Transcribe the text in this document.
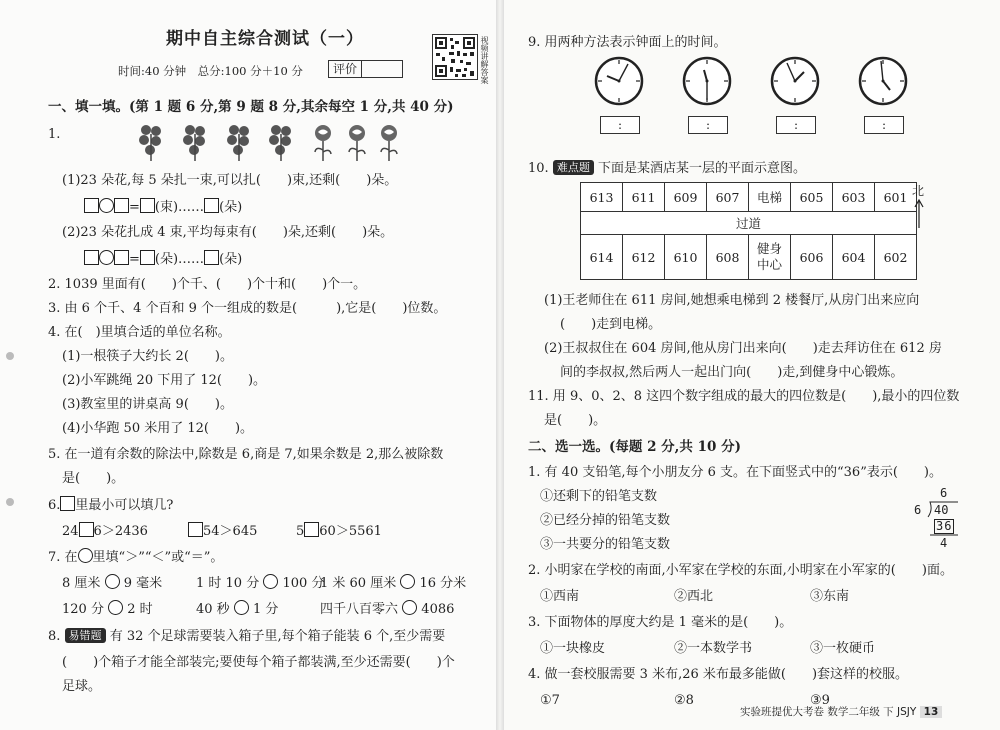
期中自主综合测试（一）
时间:40 分钟　总分:100 分＋10 分	评价	视频讲解答案
一、填一填。(第 1 题 6 分,第 9 题 8 分,其余每空 1 分,共 40 分)
1.
(1)23 朵花,每 5 朵扎一束,可以扎(　　)束,还剩(　　)朵。
= (束)…… (朵)
(2)23 朵花扎成 4 束,平均每束有(　　)朵,还剩(　　)朵。
= (朵)…… (朵)
2. 1039 里面有(　　)个千、(　　)个十和(　　)个一。
3. 由 6 个千、4 个百和 9 个一组成的数是(　　　),它是(　　)位数。
4. 在(　)里填合适的单位名称。
(1)一根筷子大约长 2(　　)。
(2)小军跳绳 20 下用了 12(　　)。
(3)教室里的讲桌高 9(　　)。
(4)小华跑 50 米用了 12(　　)。
5. 在一道有余数的除法中,除数是 6,商是 7,如果余数是 2,那么被除数
是(　　)。
6. 里最小可以填几?
24 6＞2436	54＞645	5 60＞5561
7. 在 里填“＞”“＜”或“＝”。
8 厘米 9 毫米	1 时 10 分 100 分
1 米 60 厘米 16 分米
120 分 2 时	40 秒 1 分	四千八百零六 4086
8. 易错题 有 32 个足球需要装入箱子里,每个箱子能装 6 个,至少需要
(　　)个箱子才能全部装完;要使每个箱子都装满,至少还需要(　　)个
足球。
9. 用两种方法表示钟面上的时间。
:	:	:	:
10. 难点题 下面是某酒店某一层的平面示意图。
613	611	609	607	电梯	605	603	601
过道							
614	612	610	608	健身中心	606	604	602
北
(1)王老师住在 611 房间,她想乘电梯到 2 楼餐厅,从房门出来应向
(　　)走到电梯。
(2)王叔叔住在 604 房间,他从房门出来向(　　)走去拜访住在 612 房
间的李叔叔,然后两人一起出门向(　　)走,到健身中心锻炼。
11. 用 9、0、2、8 这四个数字组成的最大的四位数是(　　),最小的四位数
是(　　)。
二、选一选。(每题 2 分,共 10 分)
1. 有 40 支铅笔,每个小朋友分 6 支。在下面竖式中的“36”表示(　　)。
①还剩下的铅笔支数
②已经分掉的铅笔支数
③一共要分的铅笔支数
6
6 40
36
4
2. 小明家在学校的南面,小军家在学校的东面,小明家在小军家的(　　)面。
①西南	②西北	③东南
3. 下面物体的厚度大约是 1 毫米的是(　　)。
①一块橡皮	②一本数学书	③一枚硬币
4. 做一套校服需要 3 米布,26 米布最多能做(　　)套这样的校服。
①7	②8	③9
实验班提优大考卷 数学二年级 下 JSJY 13
